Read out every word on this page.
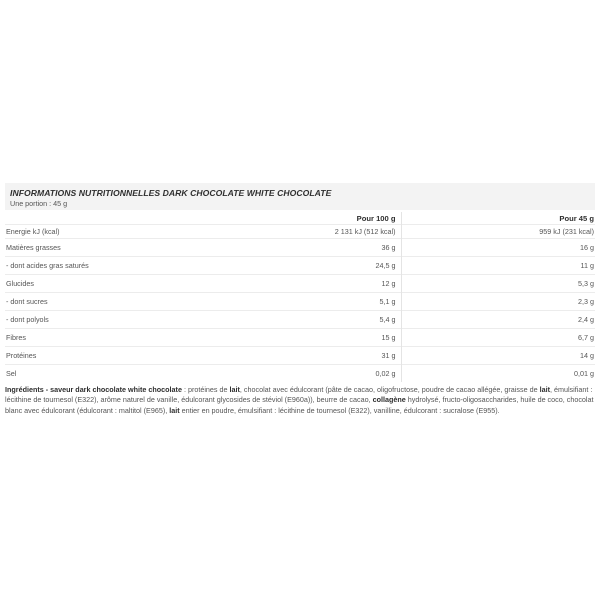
INFORMATIONS NUTRITIONNELLES DARK CHOCOLATE WHITE CHOCOLATE
Une portion : 45 g
	Pour 100 g	Pour 45 g
Energie kJ (kcal)	2 131 kJ (512 kcal)	959 kJ (231 kcal)
Matières grasses	36 g	16 g
- dont acides gras saturés	24,5 g	11 g
Glucides	12 g	5,3 g
- dont sucres	5,1 g	2,3 g
- dont polyols	5,4 g	2,4 g
Fibres	15 g	6,7 g
Protéines	31 g	14 g
Sel	0,02 g	0,01 g
Ingrédients - saveur dark chocolate white chocolate : protéines de lait, chocolat avec édulcorant (pâte de cacao, oligofructose, poudre de cacao allégée, graisse de lait, émulsifiant : lécithine de tournesol (E322), arôme naturel de vanille, édulcorant glycosides de stéviol (E960a)), beurre de cacao, collagène hydrolysé, fructo-oligosaccharides, huile de coco, chocolat blanc avec édulcorant (édulcorant : maltitol (E965), lait entier en poudre, émulsifiant : lécithine de tournesol (E322), vanilline, édulcorant : sucralose (E955).
